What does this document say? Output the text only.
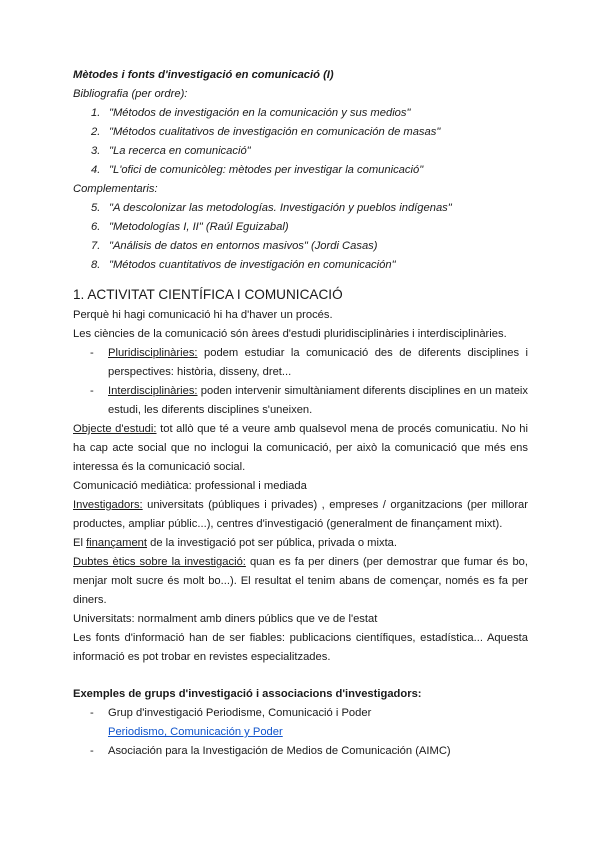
Mètodes i fonts d'investigació en comunicació (I)
Bibliografia (per ordre):
1. "Métodos de investigación en la comunicación y sus medios"
2. "Métodos cualitativos de investigación en comunicación de masas"
3. "La recerca en comunicació"
4. "L'ofici de comunicòleg: mètodes per investigar la comunicació"
Complementaris:
5. "A descolonizar las metodologías. Investigación y pueblos indígenas"
6. "Metodologías I, II" (Raúl Eguizabal)
7. "Análisis de datos en entornos masivos" (Jordi Casas)
8. "Métodos cuantitativos de investigación en comunicación"
1. ACTIVITAT CIENTÍFICA I COMUNICACIÓ
Perquè hi hagi comunicació hi ha d'haver un procés.
Les ciències de la comunicació són àrees d'estudi pluridisciplinàries i interdisciplinàries.
- Pluridisciplinàries: podem estudiar la comunicació des de diferents disciplines i perspectives: història, disseny, dret...
- Interdisciplinàries: poden intervenir simultàniament diferents disciplines en un mateix estudi, les diferents disciplines s'uneixen.
Objecte d'estudi: tot allò que té a veure amb qualsevol mena de procés comunicatiu. No hi ha cap acte social que no inclogui la comunicació, per això la comunicació que més ens interessa és la comunicació social.
Comunicació mediàtica: professional i mediada
Investigadors: universitats (públiques i privades) , empreses / organitzacions (per millorar productes, ampliar públic...), centres d'investigació (generalment de finançament mixt).
El finançament de la investigació pot ser pública, privada o mixta.
Dubtes ètics sobre la investigació: quan es fa per diners (per demostrar que fumar és bo, menjar molt sucre és molt bo...). El resultat el tenim abans de començar, només es fa per diners.
Universitats: normalment amb diners públics que ve de l'estat
Les fonts d'informació han de ser fiables: publicacions científiques, estadística... Aquesta informació es pot trobar en revistes especialitzades.
Exemples de grups d'investigació i associacions d'investigadors:
- Grup d'investigació Periodisme, Comunicació i Poder
Periodismo, Comunicación y Poder
- Asociación para la Investigación de Medios de Comunicación (AIMC)
